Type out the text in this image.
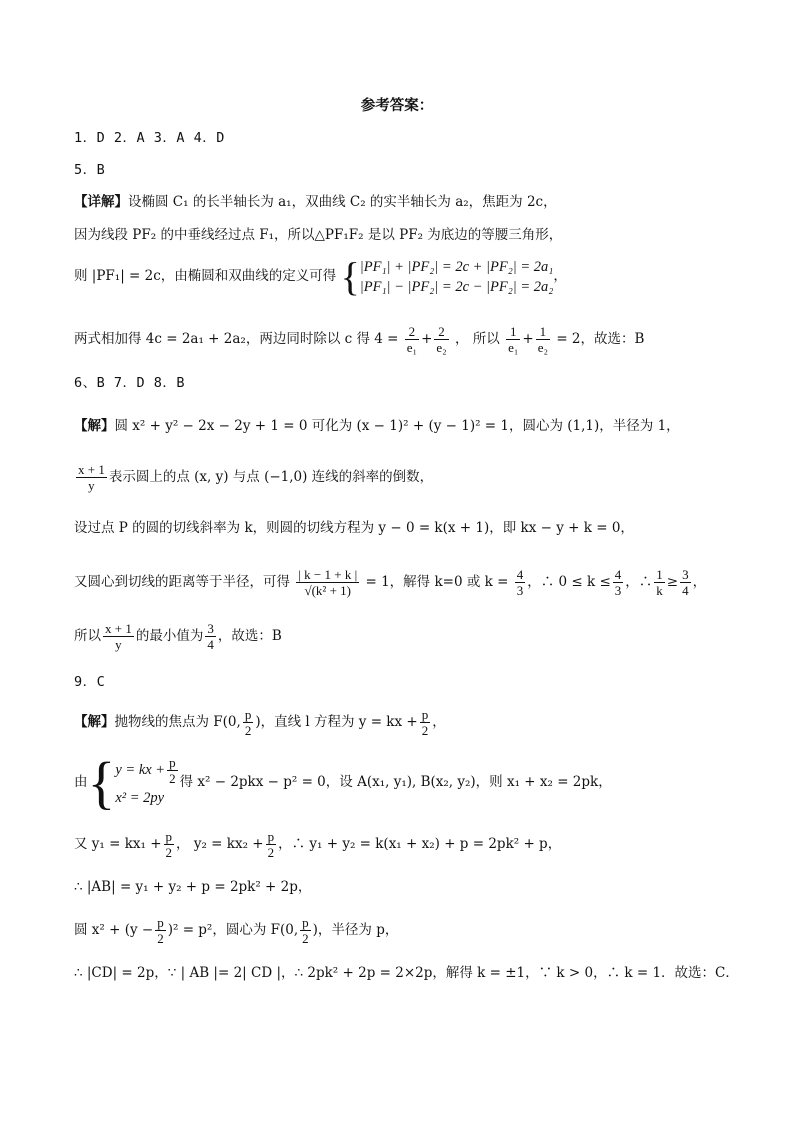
参考答案：
1．D 2．A 3．A 4．D
5．B
【详解】设椭圆 C₁ 的长半轴长为 a₁，双曲线 C₂ 的实半轴长为 a₂，焦距为 2c，
因为线段 PF₂ 的中垂线经过点 F₁，所以△PF₁F₂ 是以 PF₂ 为底边的等腰三角形，
则 |PF₁| = 2c，由椭圆和双曲线的定义可得 { |PF₁| + |PF₂| = 2c + |PF₂| = 2a₁
|PF₁| − |PF₂| = 2c − |PF₂| = 2a₂
，
两式相加得 4c = 2a₁ + 2a₂，两边同时除以 c 得 $4 = \frac{2}{\text{e₁}} + \frac{2}{\text{e₂}}$ ， 所以 $\frac{1}{\text{e₁}} + \frac{1}{\text{e₂}} = 2$，故选：B
6、B 7．D 8．B
【解】圆 x² + y² − 2x − 2y + 1 = 0 可化为 (x − 1)² + (y − 1)² = 1，圆心为 (1,1)，半径为 1，
$\frac{x + 1}{y}$ 表示圆上的点 (x, y) 与点 (−1,0) 连线的斜率的倒数，
设过点 P 的圆的切线斜率为 k，则圆的切线方程为 y − 0 = k(x + 1)，即 kx − y + k = 0，
又圆心到切线的距离等于半径，可得 $\frac{| k - 1 + k |}{\text{√(k² + 1)}} = 1$，解得 k=0 或 $k = \frac{4}{3}$ ，∴ $0 \le k \le \frac{4}{3}$ ，∴ $\frac{1}{k} \ge \frac{3}{4}$ ，
所以 $\frac{x + 1}{y}$ 的最小值为 $\frac{3}{4}$ ，故选：B
9．C
【解】抛物线的焦点为 F(0, $\frac{p}{2}$ )，直线 l 方程为 y = kx + $\frac{p}{2}$ ，
由{ y = kx + $\frac{p}{2}$
x² = 2py
得 x² − 2pkx − p² = 0，设 A(x₁, y₁), B(x₂, y₂)，则 x₁ + x₂ = 2pk，
又 $y_1 = kx_1 + \frac{p}{2}$ ， $y_2 = kx_2 + \frac{p}{2}$ ，∴ y₁ + y₂ = k(x₁ + x₂) + p = 2pk² + p，
∴ |AB| = y₁ + y₂ + p = 2pk² + 2p，
圆 $x^2 + (y - \frac{p}{2} )^2 = p^2$，圆心为 F(0, $\frac{p}{2}$ )，半径为 p，
∴ |CD| = 2p，∵ | AB |= 2| CD |，∴ 2pk² + 2p = 2×2p，解得 k = ±1，∵ k > 0，∴ k = 1．故选：C．
